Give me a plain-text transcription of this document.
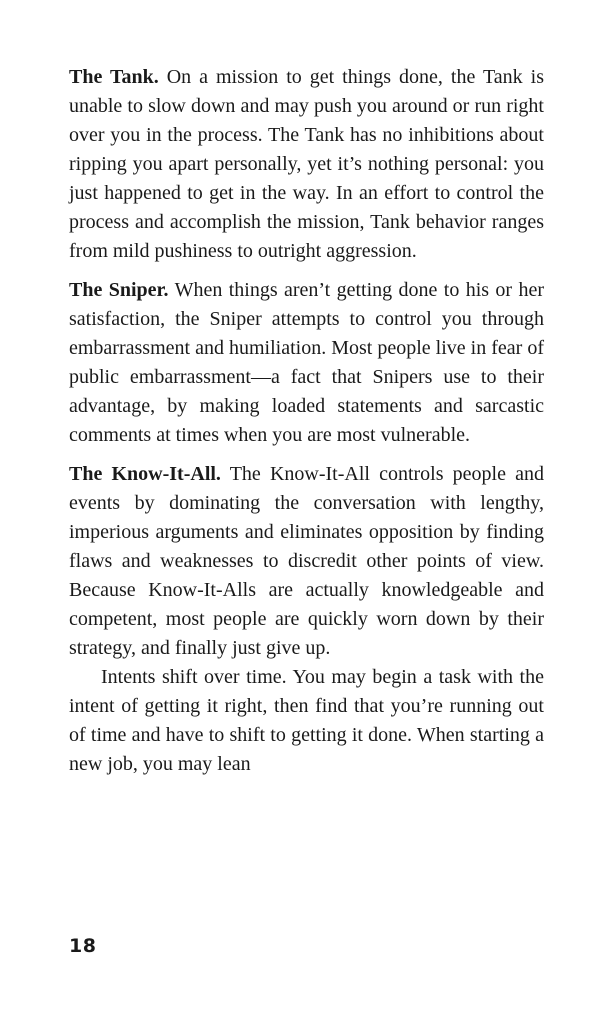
The Tank. On a mission to get things done, the Tank is unable to slow down and may push you around or run right over you in the process. The Tank has no inhibitions about ripping you apart personally, yet it’s nothing personal: you just happened to get in the way. In an effort to control the process and accomplish the mission, Tank behavior ranges from mild pushiness to outright aggression.

The Sniper. When things aren’t getting done to his or her satisfaction, the Sniper attempts to control you through embarrassment and humiliation. Most people live in fear of public embarrassment—a fact that Snipers use to their advantage, by making loaded statements and sarcastic comments at times when you are most vulnerable.

The Know-It-All. The Know-It-All controls people and events by dominating the conversation with lengthy, imperious arguments and eliminates opposition by finding flaws and weaknesses to discredit other points of view. Because Know-It-Alls are actually knowledgeable and competent, most people are quickly worn down by their strategy, and finally just give up.

Intents shift over time. You may begin a task with the intent of getting it right, then find that you’re running out of time and have to shift to getting it done. When starting a new job, you may lean

18
